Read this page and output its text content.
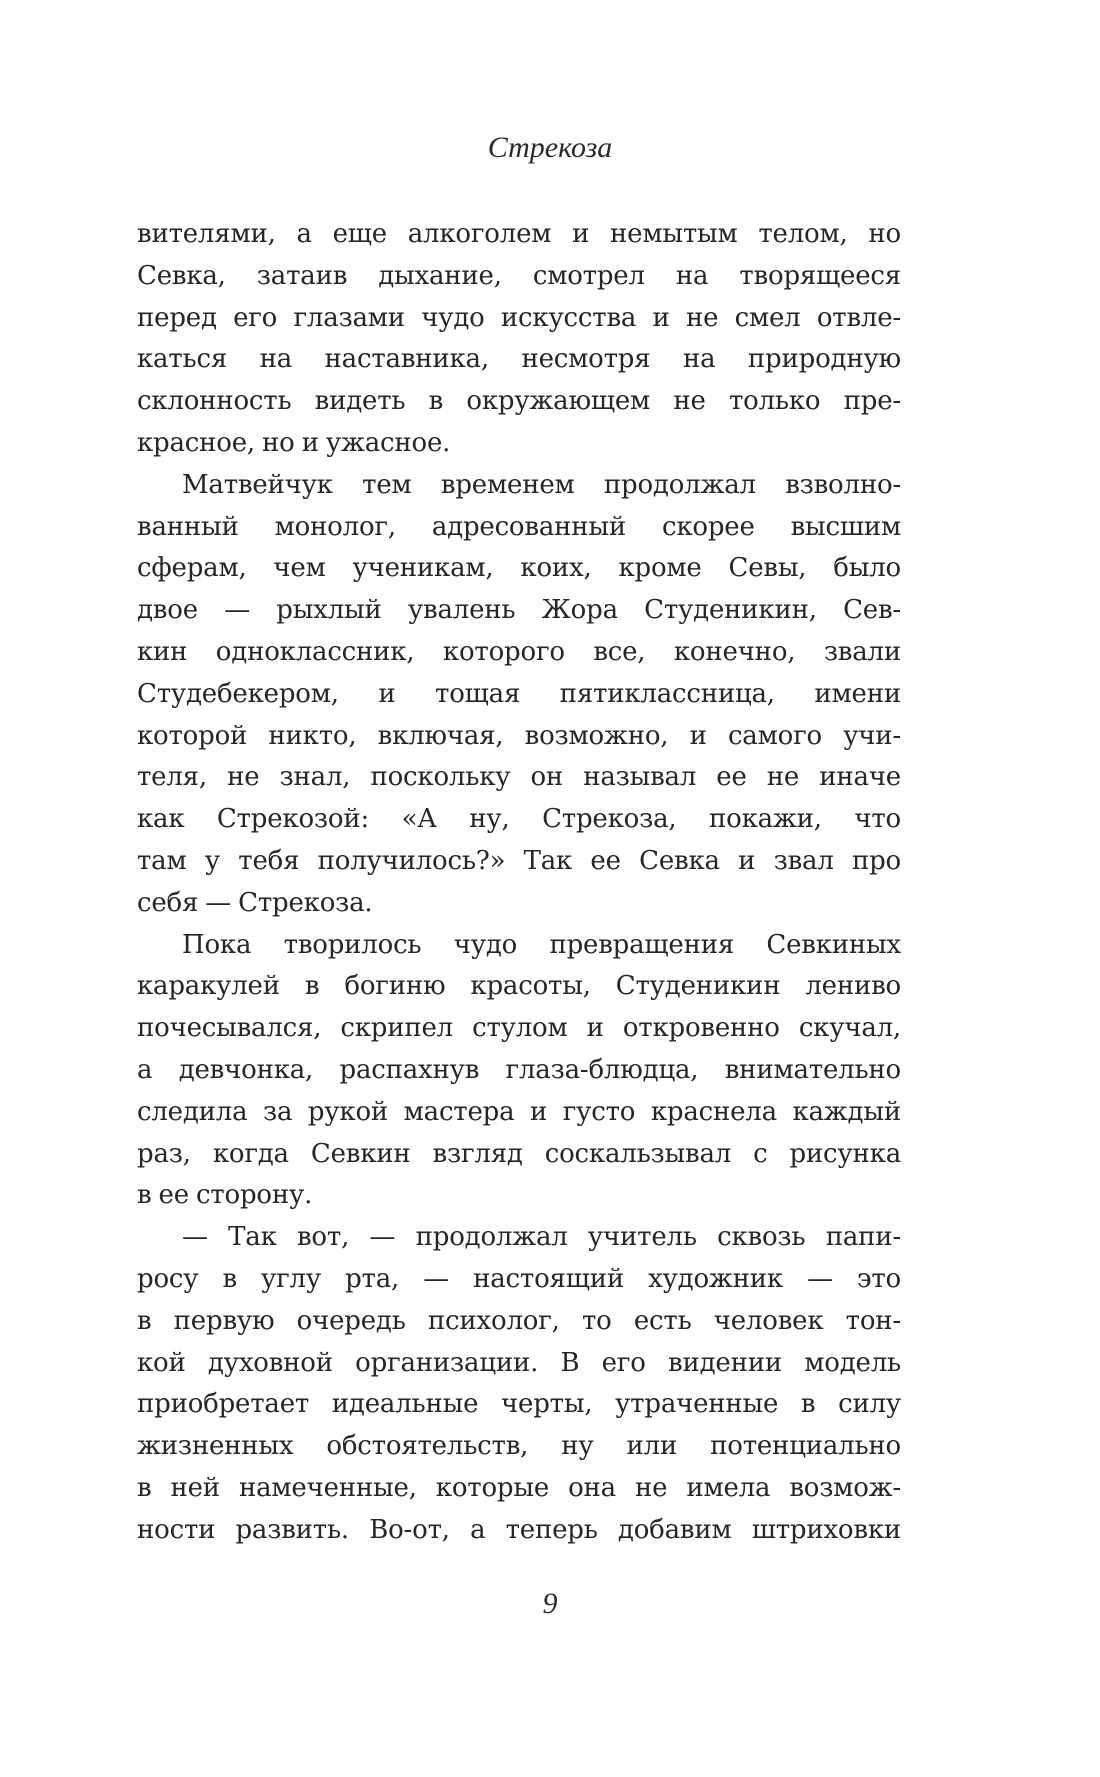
Стрекоза
вителями, а еще алкоголем и немытым телом, но
Севка, затаив дыхание, смотрел на творящееся
перед его глазами чудо искусства и не смел отвле-
каться на наставника, несмотря на природную
склонность видеть в окружающем не только пре-
красное, но и ужасное.
Матвейчук тем временем продолжал взволно-
ванный монолог, адресованный скорее высшим
сферам, чем ученикам, коих, кроме Севы, было
двое — рыхлый увалень Жора Студеникин, Сев-
кин одноклассник, которого все, конечно, звали
Студебекером, и тощая пятиклассница, имени
которой никто, включая, возможно, и самого учи-
теля, не знал, поскольку он называл ее не иначе
как Стрекозой: «А ну, Стрекоза, покажи, что
там у тебя получилось?» Так ее Севка и звал про
себя — Стрекоза.
Пока творилось чудо превращения Севкиных
каракулей в богиню красоты, Студеникин лениво
почесывался, скрипел стулом и откровенно скучал,
а девчонка, распахнув глаза-блюдца, внимательно
следила за рукой мастера и густо краснела каждый
раз, когда Севкин взгляд соскальзывал с рисунка
в ее сторону.
— Так вот, — продолжал учитель сквозь папи-
росу в углу рта, — настоящий художник — это
в первую очередь психолог, то есть человек тон-
кой духовной организации. В его видении модель
приобретает идеальные черты, утраченные в силу
жизненных обстоятельств, ну или потенциально
в ней намеченные, которые она не имела возмож-
ности развить. Во-от, а теперь добавим штриховки
9
